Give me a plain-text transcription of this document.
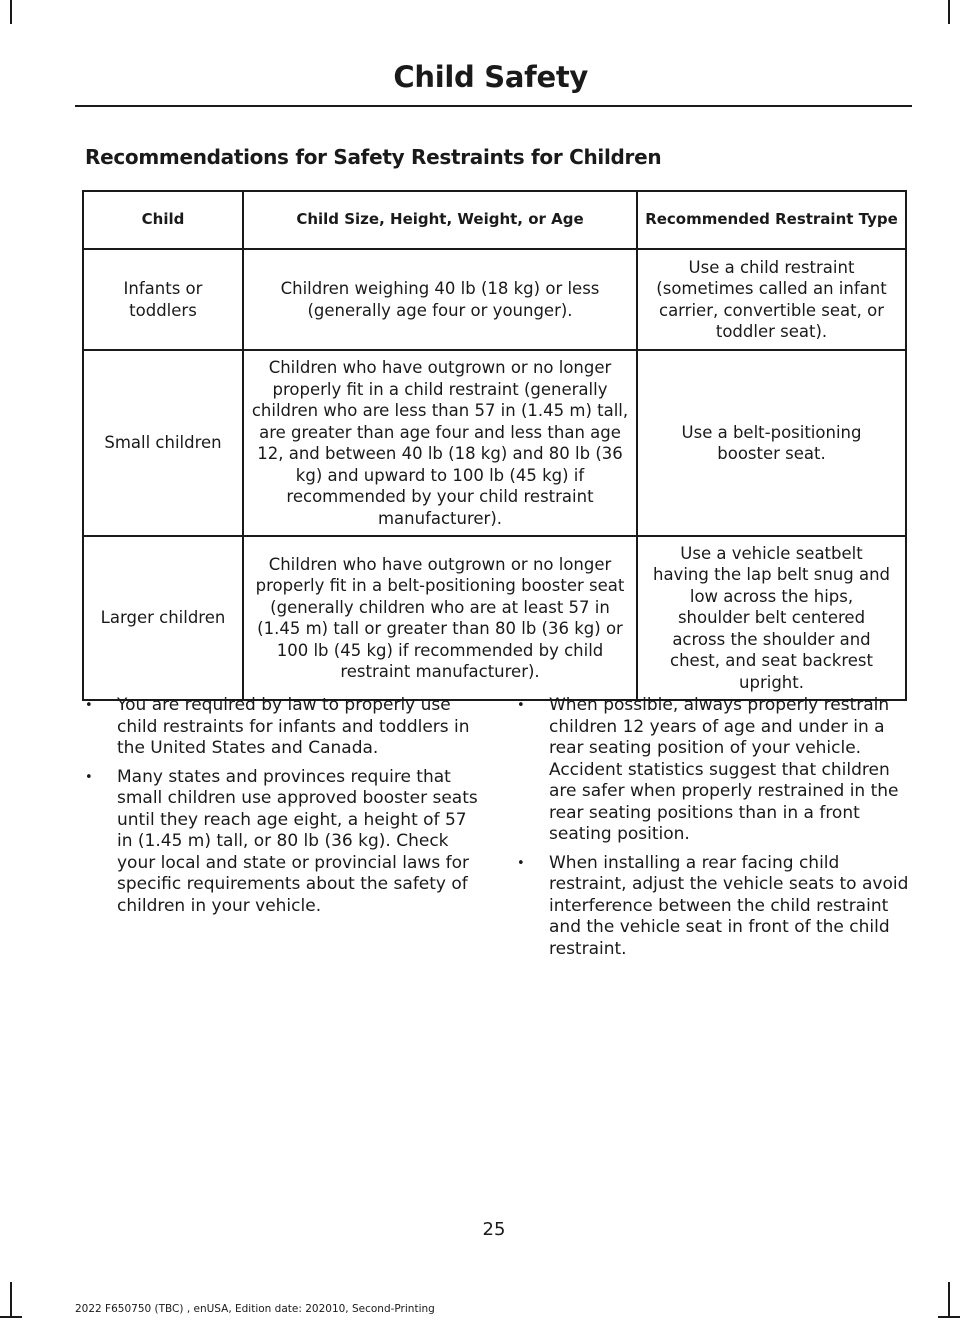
Child Safety
Recommendations for Safety Restraints for Children
Child	Child Size, Height, Weight, or Age	Recommended Restraint Type
Infants or toddlers	Children weighing 40 lb (18 kg) or less (generally age four or younger).	Use a child restraint (sometimes called an infant carrier, convertible seat, or toddler seat).
Small children	Children who have outgrown or no longer properly fit in a child restraint (generally children who are less than 57 in (1.45 m) tall, are greater than age four and less than age 12, and between 40 lb (18 kg) and 80 lb (36 kg) and upward to 100 lb (45 kg) if recommended by your child restraint manufacturer).	Use a belt-positioning booster seat.
Larger children	Children who have outgrown or no longer properly fit in a belt-positioning booster seat (generally children who are at least 57 in (1.45 m) tall or greater than 80 lb (36 kg) or 100 lb (45 kg) if recommended by child restraint manufacturer).	Use a vehicle seatbelt having the lap belt snug and low across the hips, shoulder belt centered across the shoulder and chest, and seat backrest upright.
• You are required by law to properly use child restraints for infants and toddlers in the United States and Canada.
• Many states and provinces require that small children use approved booster seats until they reach age eight, a height of 57 in (1.45 m) tall, or 80 lb (36 kg). Check your local and state or provincial laws for specific requirements about the safety of children in your vehicle.
• When possible, always properly restrain children 12 years of age and under in a rear seating position of your vehicle. Accident statistics suggest that children are safer when properly restrained in the rear seating positions than in a front seating position.
• When installing a rear facing child restraint, adjust the vehicle seats to avoid interference between the child restraint and the vehicle seat in front of the child restraint.
25
2022 F650750 (TBC) , enUSA, Edition date: 202010, Second-Printing
